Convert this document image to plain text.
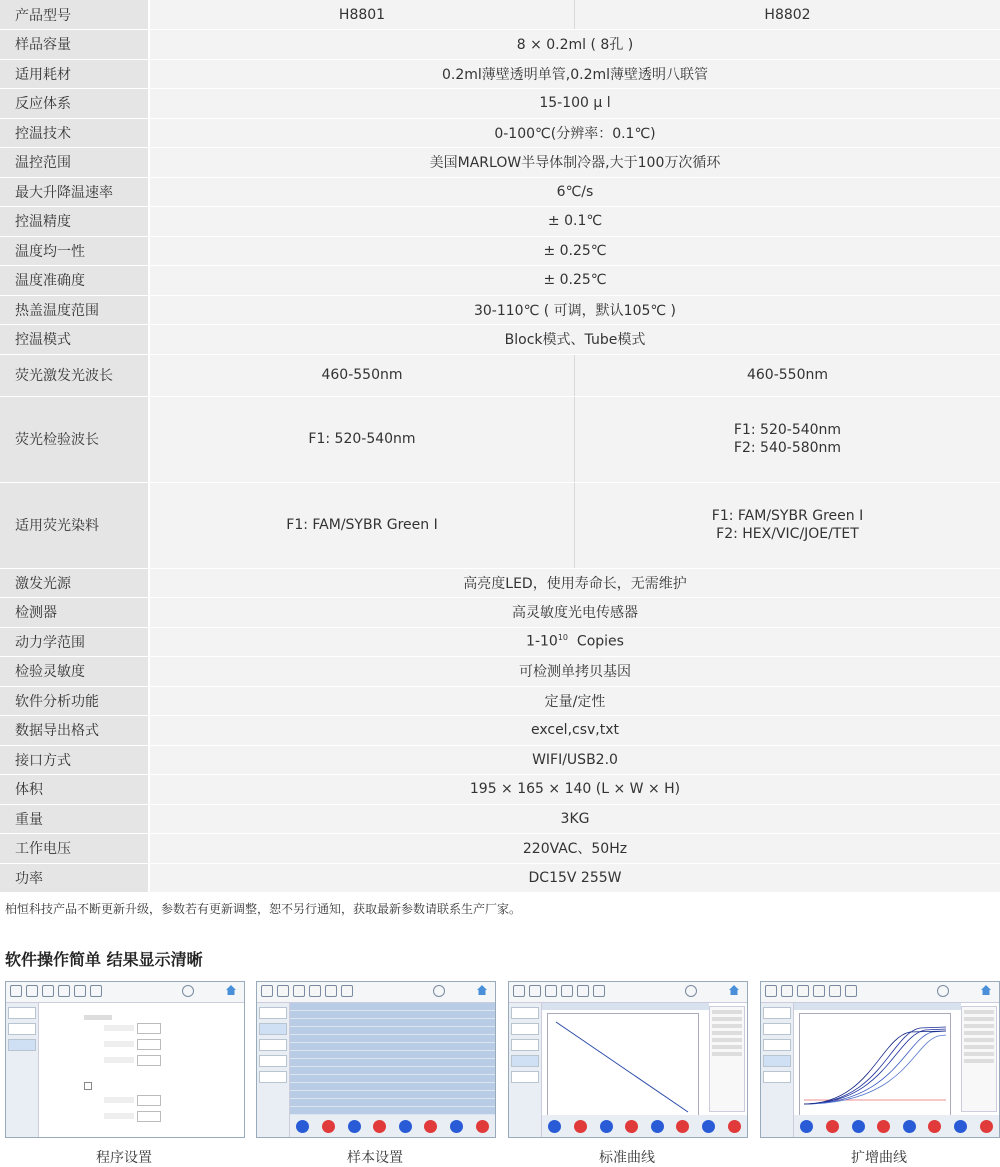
产品型号	H8801	H8802
样品容量	8 × 0.2ml ( 8孔 )	
适用耗材	0.2ml薄壁透明单管,0.2ml薄壁透明八联管	
反应体系	15-100 μ l	
控温技术	0-100℃(分辨率：0.1℃)	
温控范围	美国MARLOW半导体制冷器,大于100万次循环	
最大升降温速率	6℃/s	
控温精度	± 0.1℃	
温度均一性	± 0.25℃	
温度准确度	± 0.25℃	
热盖温度范围	30-110℃ ( 可调，默认105℃ )	
控温模式	Block模式、Tube模式	
荧光激发光波长	460-550nm	460-550nm
荧光检验波长	F1: 520-540nm	F1: 520-540nm
F2: 540-580nm

适用荧光染料	F1: FAM/SYBR Green Ⅰ	F1: FAM/SYBR Green Ⅰ
F2: HEX/VIC/JOE/TET

激发光源	高亮度LED，使用寿命长，无需维护	
检测器	高灵敏度光电传感器	
动力学范围	$1-10^{10}$  Copies	
检验灵敏度	可检测单拷贝基因	
软件分析功能	定量/定性	
数据导出格式	excel,csv,txt	
接口方式	WIFI/USB2.0	
体积	195 × 165 × 140 (L × W × H)	
重量	3KG	
工作电压	220VAC、50Hz	
功率	DC15V 255W	
柏恒科技产品不断更新升级，参数若有更新调整，恕不另行通知，获取最新参数请联系生产厂家。
软件操作简单 结果显示清晰
程序设置	样本设置	标准曲线	扩增曲线
